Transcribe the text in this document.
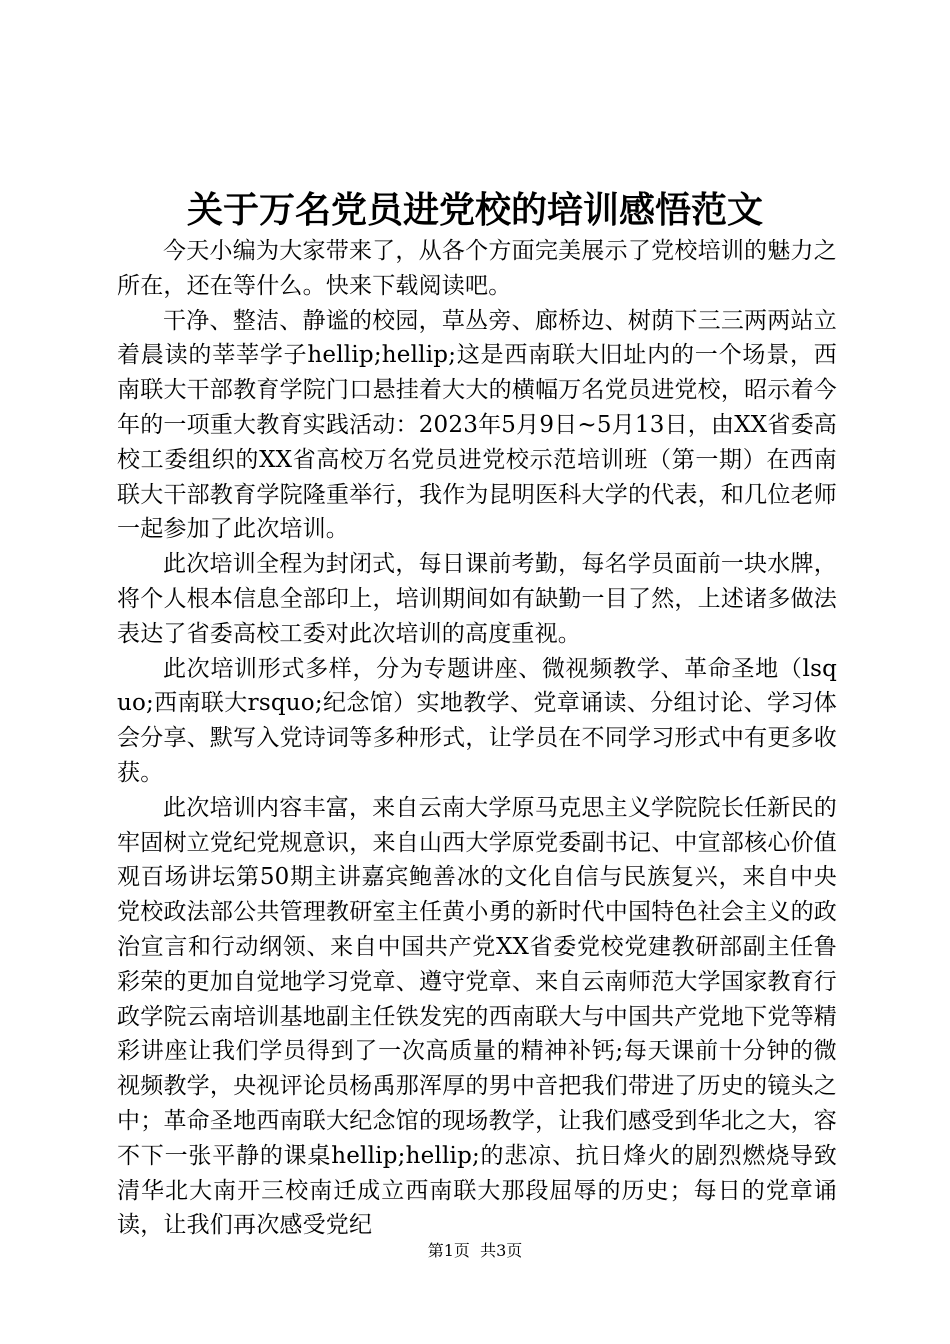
关于万名党员进党校的培训感悟范文

今天小编为大家带来了，从各个方面完美展示了党校培训的魅力之所在，还在等什么。快来下载阅读吧。

干净、整洁、静谧的校园，草丛旁、廊桥边、树荫下三三两两站立着晨读的莘莘学子hellip;hellip;这是西南联大旧址内的一个场景，西南联大干部教育学院门口悬挂着大大的横幅万名党员进党校，昭示着今年的一项重大教育实践活动：2023年5月9日~5月13日，由XX省委高校工委组织的XX省高校万名党员进党校示范培训班（第一期）在西南联大干部教育学院隆重举行，我作为昆明医科大学的代表，和几位老师一起参加了此次培训。

此次培训全程为封闭式，每日课前考勤，每名学员面前一块水牌，将个人根本信息全部印上，培训期间如有缺勤一目了然，上述诸多做法表达了省委高校工委对此次培训的高度重视。

此次培训形式多样，分为专题讲座、微视频教学、革命圣地（lsquo;西南联大rsquo;纪念馆）实地教学、党章诵读、分组讨论、学习体会分享、默写入党诗词等多种形式，让学员在不同学习形式中有更多收获。

此次培训内容丰富，来自云南大学原马克思主义学院院长任新民的牢固树立党纪党规意识，来自山西大学原党委副书记、中宣部核心价值观百场讲坛第50期主讲嘉宾鲍善冰的文化自信与民族复兴，来自中央党校政法部公共管理教研室主任黄小勇的新时代中国特色社会主义的政治宣言和行动纲领、来自中国共产党XX省委党校党建教研部副主任鲁彩荣的更加自觉地学习党章、遵守党章、来自云南师范大学国家教育行政学院云南培训基地副主任铁发宪的西南联大与中国共产党地下党等精彩讲座让我们学员得到了一次高质量的精神补钙;每天课前十分钟的微视频教学，央视评论员杨禹那浑厚的男中音把我们带进了历史的镜头之中；革命圣地西南联大纪念馆的现场教学，让我们感受到华北之大，容不下一张平静的课桌hellip;hellip;的悲凉、抗日烽火的剧烈燃烧导致清华北大南开三校南迁成立西南联大那段屈辱的历史；每日的党章诵读，让我们再次感受党纪

第1页  共3页
